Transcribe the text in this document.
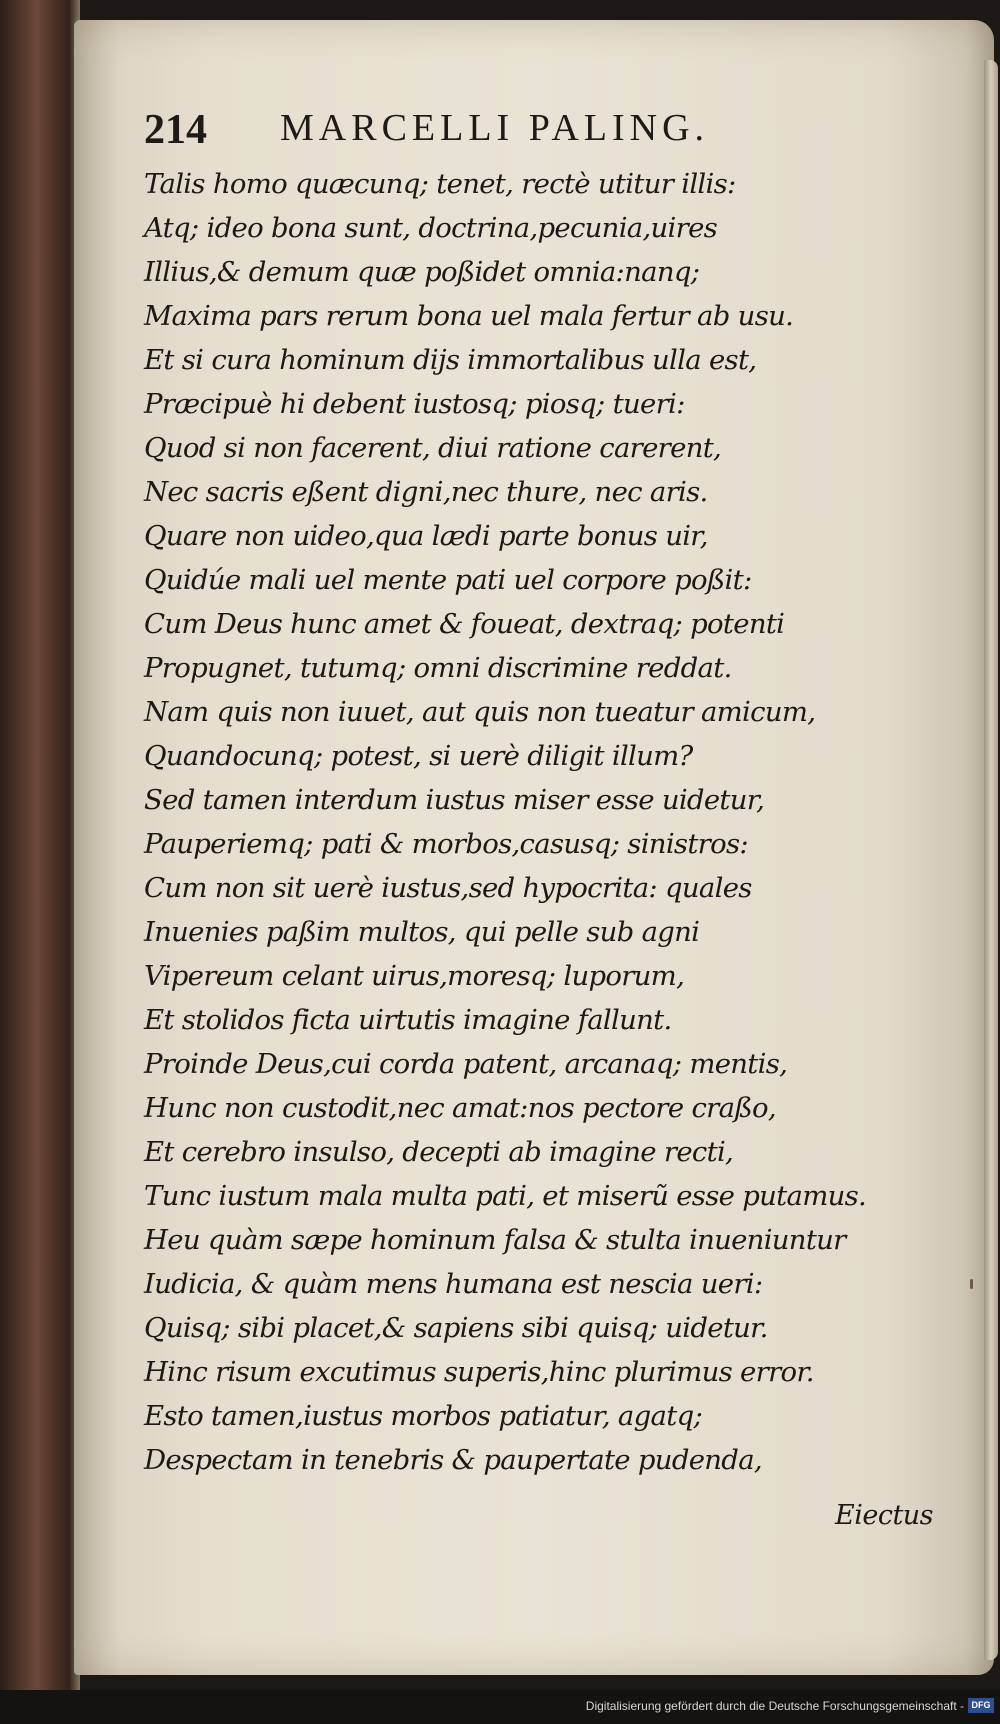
214 MARCELLI PALING.
Talis homo quæcunq; tenet, rectè utitur illis:
Atq; ideo bona sunt, doctrina,pecunia,uires
Illius,& demum quæ poßidet omnia:nanq;
Maxima pars rerum bona uel mala fertur ab usu.
Et si cura hominum dijs immortalibus ulla est,
Præcipuè hi debent iustosq; piosq; tueri:
Quod si non facerent, diui ratione carerent,
Nec sacris eßent digni,nec thure, nec aris.
Quare non uideo,qua lædi parte bonus uir,
Quidúe mali uel mente pati uel corpore poßit:
Cum Deus hunc amet & foueat, dextraq; potenti
Propugnet, tutumq; omni discrimine reddat.
Nam quis non iuuet, aut quis non tueatur amicum,
Quandocunq; potest, si uerè diligit illum?
Sed tamen interdum iustus miser esse uidetur,
Pauperiemq; pati & morbos,casusq; sinistros:
Cum non sit uerè iustus,sed hypocrita: quales
Inuenies paßim multos, qui pelle sub agni
Vipereum celant uirus,moresq; luporum,
Et stolidos ficta uirtutis imagine fallunt.
Proinde Deus,cui corda patent, arcanaq; mentis,
Hunc non custodit,nec amat:nos pectore craßo,
Et cerebro insulso, decepti ab imagine recti,
Tunc iustum mala multa pati, et miserũ esse putamus.
Heu quàm sæpe hominum falsa & stulta inueniuntur
Iudicia, & quàm mens humana est nescia ueri:
Quisq; sibi placet,& sapiens sibi quisq; uidetur.
Hinc risum excutimus superis,hinc plurimus error.
Esto tamen,iustus morbos patiatur, agatq;
Despectam in tenebris & paupertate pudenda,
Eiectus
Digitalisierung gefördert durch die Deutsche Forschungsgemeinschaft - DFG
